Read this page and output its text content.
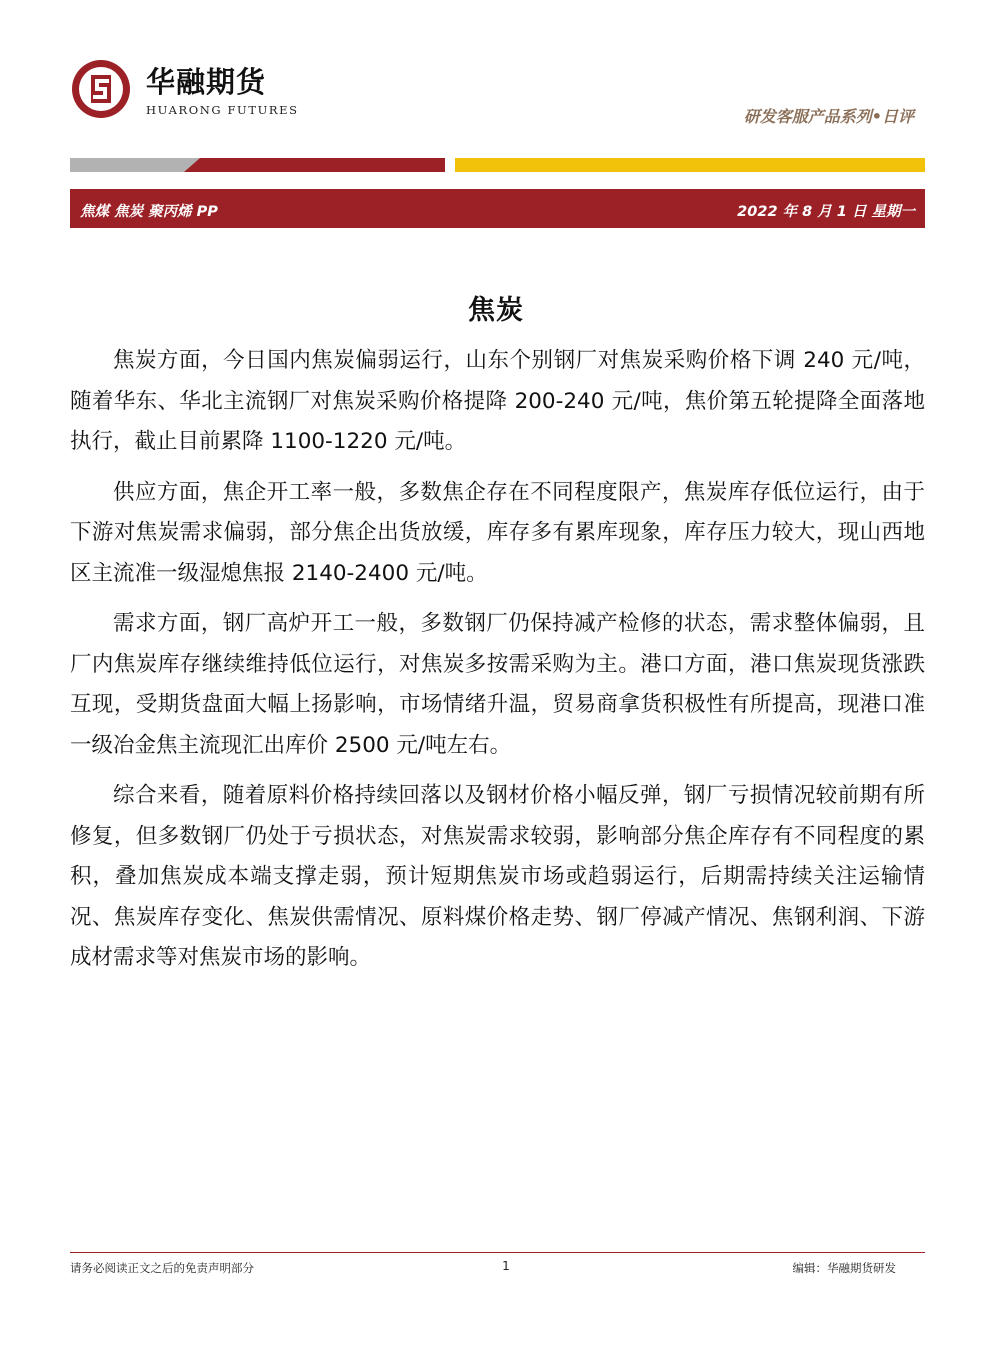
华融期货
HUARONG FUTURES	研发客服产品系列•日评
焦煤 焦炭 聚丙烯 PP	2022 年 8 月 1 日 星期一
焦炭

焦炭方面，今日国内焦炭偏弱运行，山东个别钢厂对焦炭采购价格下调 240 元/吨，随着华东、华北主流钢厂对焦炭采购价格提降 200-240 元/吨，焦价第五轮提降全面落地执行，截止目前累降 1100-1220 元/吨。

供应方面，焦企开工率一般，多数焦企存在不同程度限产，焦炭库存低位运行，由于下游对焦炭需求偏弱，部分焦企出货放缓，库存多有累库现象，库存压力较大，现山西地区主流准一级湿熄焦报 2140-2400 元/吨。

需求方面，钢厂高炉开工一般，多数钢厂仍保持减产检修的状态，需求整体偏弱，且厂内焦炭库存继续维持低位运行，对焦炭多按需采购为主。港口方面，港口焦炭现货涨跌互现，受期货盘面大幅上扬影响，市场情绪升温，贸易商拿货积极性有所提高，现港口准一级冶金焦主流现汇出库价 2500 元/吨左右。

综合来看，随着原料价格持续回落以及钢材价格小幅反弹，钢厂亏损情况较前期有所修复，但多数钢厂仍处于亏损状态，对焦炭需求较弱，影响部分焦企库存有不同程度的累积，叠加焦炭成本端支撑走弱，预计短期焦炭市场或趋弱运行，后期需持续关注运输情况、焦炭库存变化、焦炭供需情况、原料煤价格走势、钢厂停减产情况、焦钢利润、下游成材需求等对焦炭市场的影响。

请务必阅读正文之后的免责声明部分	1	编辑：华融期货研发
